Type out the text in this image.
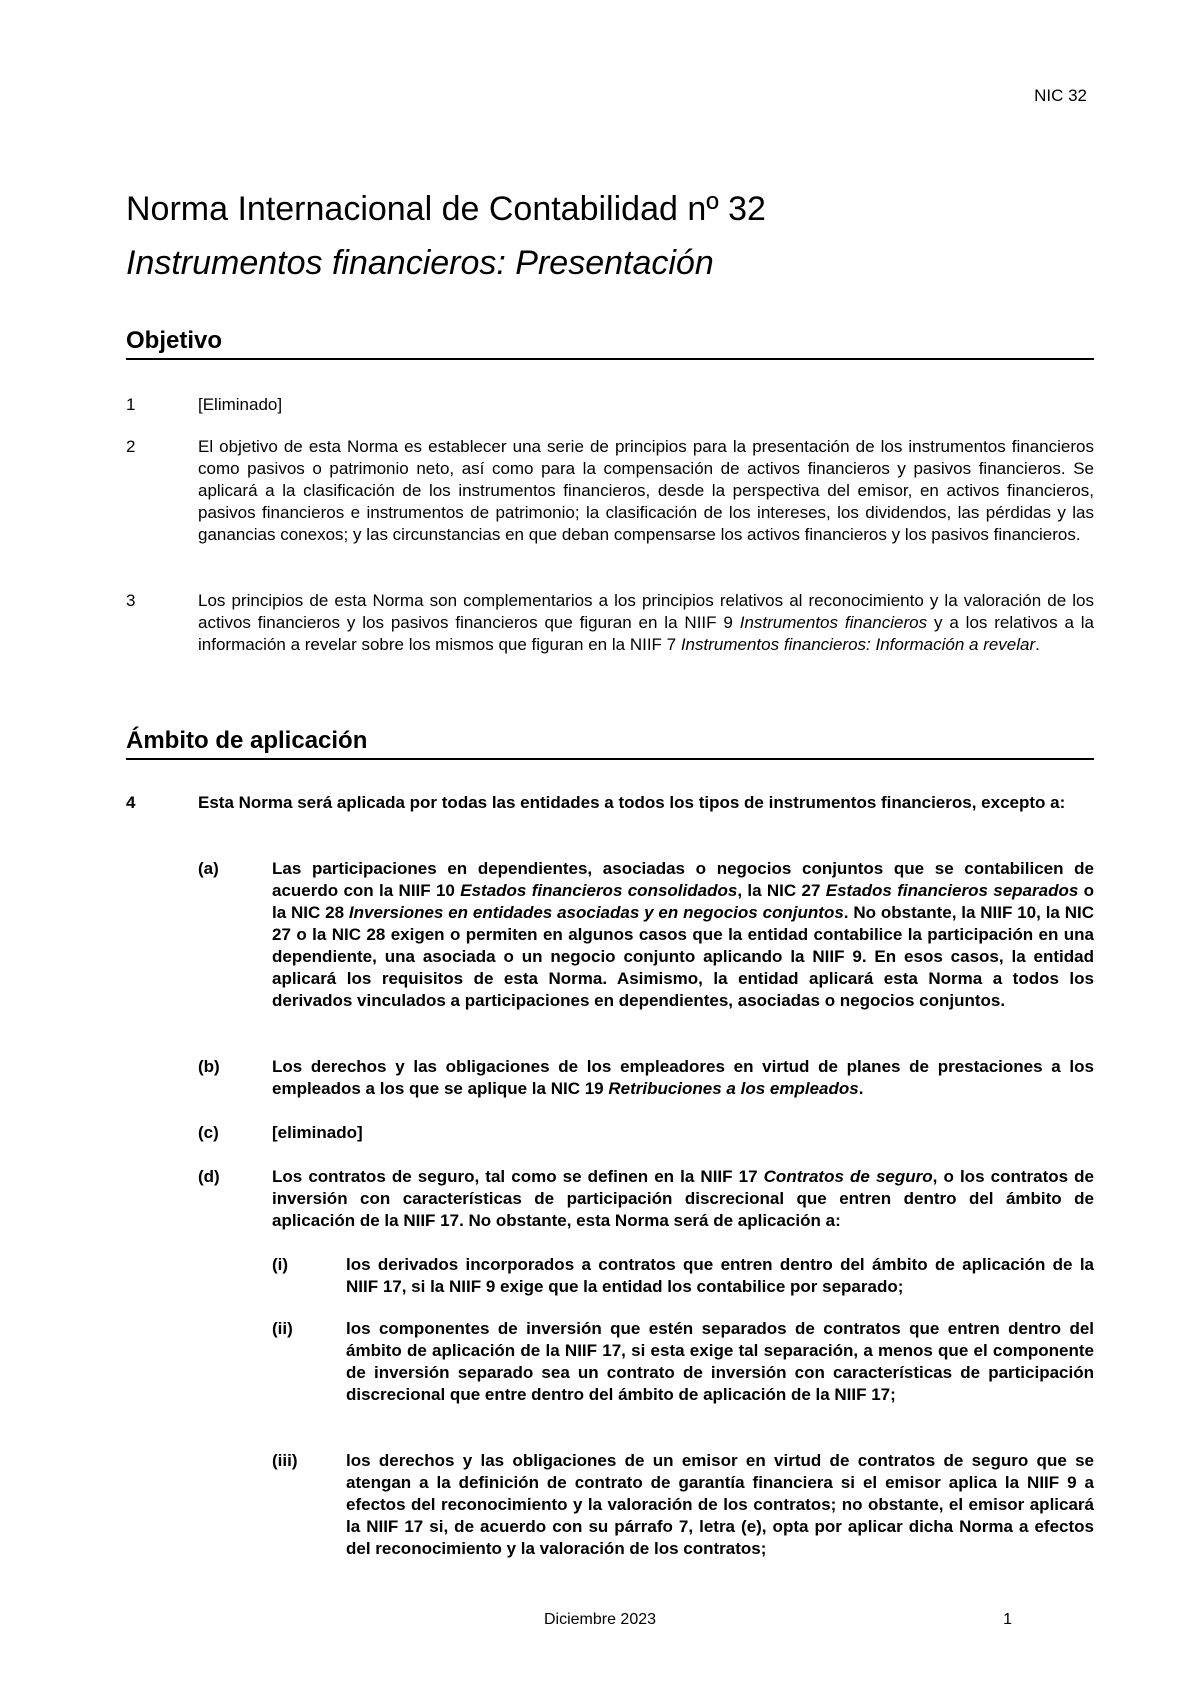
NIC 32
Norma Internacional de Contabilidad nº 32
Instrumentos financieros: Presentación
Objetivo
1	[Eliminado]
2	El objetivo de esta Norma es establecer una serie de principios para la presentación de los instrumentos financieros como pasivos o patrimonio neto, así como para la compensación de activos financieros y pasivos financieros. Se aplicará a la clasificación de los instrumentos financieros, desde la perspectiva del emisor, en activos financieros, pasivos financieros e instrumentos de patrimonio; la clasificación de los intereses, los dividendos, las pérdidas y las ganancias conexos; y las circunstancias en que deban compensarse los activos financieros y los pasivos financieros.
3	Los principios de esta Norma son complementarios a los principios relativos al reconocimiento y la valoración de los activos financieros y los pasivos financieros que figuran en la NIIF 9 Instrumentos financieros y a los relativos a la información a revelar sobre los mismos que figuran en la NIIF 7 Instrumentos financieros: Información a revelar.
Ámbito de aplicación
4	Esta Norma será aplicada por todas las entidades a todos los tipos de instrumentos financieros, excepto a:
(a)	Las participaciones en dependientes, asociadas o negocios conjuntos que se contabilicen de acuerdo con la NIIF 10 Estados financieros consolidados, la NIC 27 Estados financieros separados o la NIC 28 Inversiones en entidades asociadas y en negocios conjuntos. No obstante, la NIIF 10, la NIC 27 o la NIC 28 exigen o permiten en algunos casos que la entidad contabilice la participación en una dependiente, una asociada o un negocio conjunto aplicando la NIIF 9. En esos casos, la entidad aplicará los requisitos de esta Norma. Asimismo, la entidad aplicará esta Norma a todos los derivados vinculados a participaciones en dependientes, asociadas o negocios conjuntos.
(b)	Los derechos y las obligaciones de los empleadores en virtud de planes de prestaciones a los empleados a los que se aplique la NIC 19 Retribuciones a los empleados.
(c)	[eliminado]
(d)	Los contratos de seguro, tal como se definen en la NIIF 17 Contratos de seguro, o los contratos de inversión con características de participación discrecional que entren dentro del ámbito de aplicación de la NIIF 17. No obstante, esta Norma será de aplicación a:
(i)	los derivados incorporados a contratos que entren dentro del ámbito de aplicación de la NIIF 17, si la NIIF 9 exige que la entidad los contabilice por separado;
(ii)	los componentes de inversión que estén separados de contratos que entren dentro del ámbito de aplicación de la NIIF 17, si esta exige tal separación, a menos que el componente de inversión separado sea un contrato de inversión con características de participación discrecional que entre dentro del ámbito de aplicación de la NIIF 17;
(iii)	los derechos y las obligaciones de un emisor en virtud de contratos de seguro que se atengan a la definición de contrato de garantía financiera si el emisor aplica la NIIF 9 a efectos del reconocimiento y la valoración de los contratos; no obstante, el emisor aplicará la NIIF 17 si, de acuerdo con su párrafo 7, letra (e), opta por aplicar dicha Norma a efectos del reconocimiento y la valoración de los contratos;
Diciembre 2023	1
